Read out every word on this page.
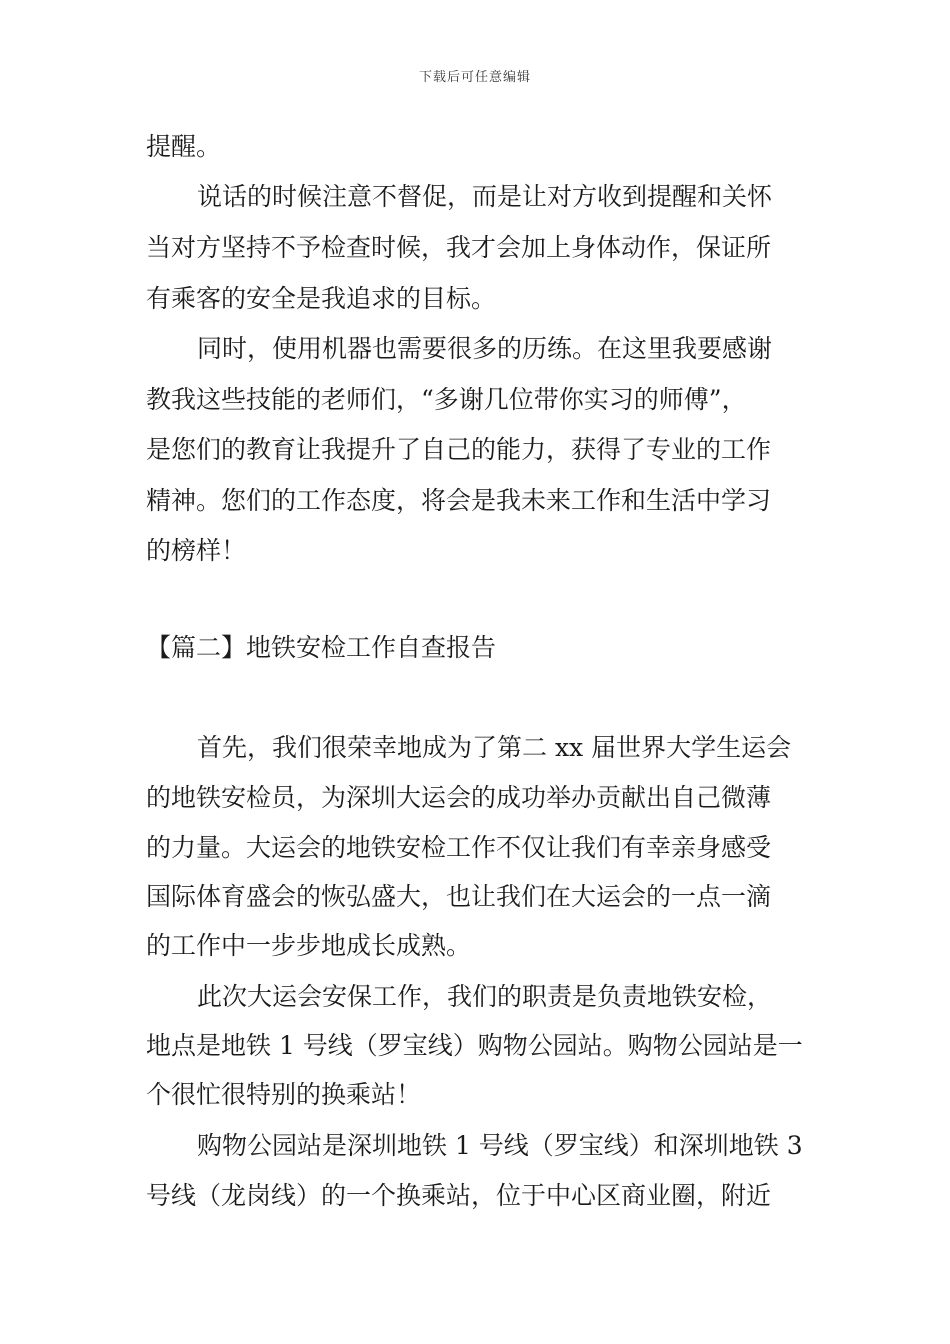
下载后可任意编辑
提醒。
说话的时候注意不督促，而是让对方收到提醒和关怀
当对方坚持不予检查时候，我才会加上身体动作，保证所
有乘客的安全是我追求的目标。
同时，使用机器也需要很多的历练。在这里我要感谢
教我这些技能的老师们，“多谢几位带你实习的师傅”，
是您们的教育让我提升了自己的能力，获得了专业的工作
精神。您们的工作态度，将会是我未来工作和生活中学习
的榜样！
【篇二】地铁安检工作自查报告
首先，我们很荣幸地成为了第二 xx 届世界大学生运会
的地铁安检员，为深圳大运会的成功举办贡献出自己微薄
的力量。大运会的地铁安检工作不仅让我们有幸亲身感受
国际体育盛会的恢弘盛大，也让我们在大运会的一点一滴
的工作中一步步地成长成熟。
此次大运会安保工作，我们的职责是负责地铁安检，
地点是地铁 1 号线（罗宝线）购物公园站。购物公园站是一
个很忙很特别的换乘站！
购物公园站是深圳地铁 1 号线（罗宝线）和深圳地铁 3
号线（龙岗线）的一个换乘站，位于中心区商业圈，附近
